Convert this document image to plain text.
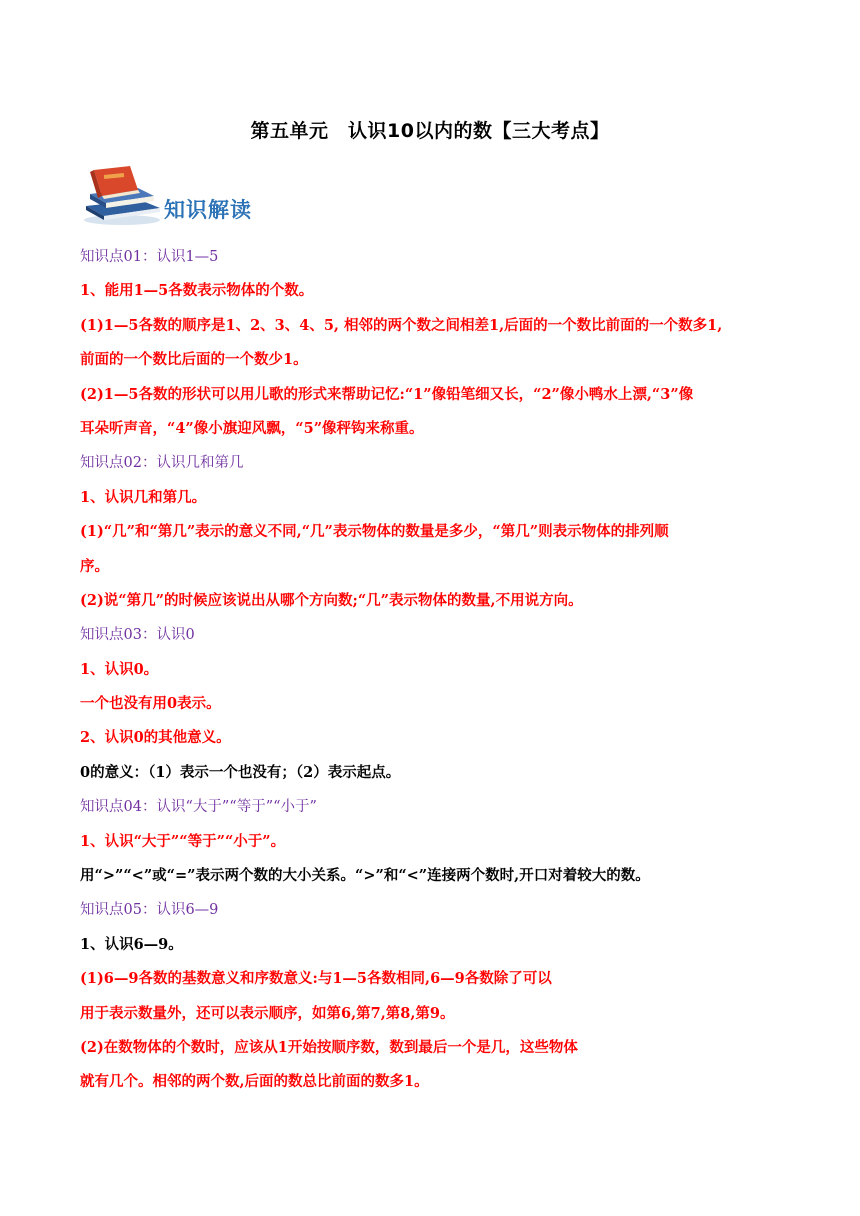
第五单元　认识10以内的数【三大考点】
知识解读

知识点01：认识1—5

1、能用1—5各数表示物体的个数。

(1)1—5各数的顺序是1、2、3、4、5, 相邻的两个数之间相差1,后面的一个数比前面的一个数多1,

前面的一个数比后面的一个数少1。

(2)1—5各数的形状可以用儿歌的形式来帮助记忆:“1”像铅笔细又长，“2”像小鸭水上漂,“3”像

耳朵听声音，“4”像小旗迎风飘，“5”像秤钩来称重。

知识点02：认识几和第几

1、认识几和第几。

(1)“几”和“第几”表示的意义不同,“几”表示物体的数量是多少，“第几”则表示物体的排列顺

序。

(2)说“第几”的时候应该说出从哪个方向数;“几”表示物体的数量,不用说方向。

知识点03：认识0

1、认识0。

一个也没有用0表示。

2、认识0的其他意义。

0的意义：（1）表示一个也没有；（2）表示起点。

知识点04：认识“大于”“等于”“小于”

1、认识“大于”“等于”“小于”。

用“>”“<”或“=”表示两个数的大小关系。“>”和“<”连接两个数时,开口对着较大的数。

知识点05：认识6—9

1、认识6—9。

(1)6—9各数的基数意义和序数意义:与1—5各数相同,6—9各数除了可以

用于表示数量外，还可以表示顺序，如第6,第7,第8,第9。

(2)在数物体的个数时，应该从1开始按顺序数，数到最后一个是几，这些物体

就有几个。相邻的两个数,后面的数总比前面的数多1。
